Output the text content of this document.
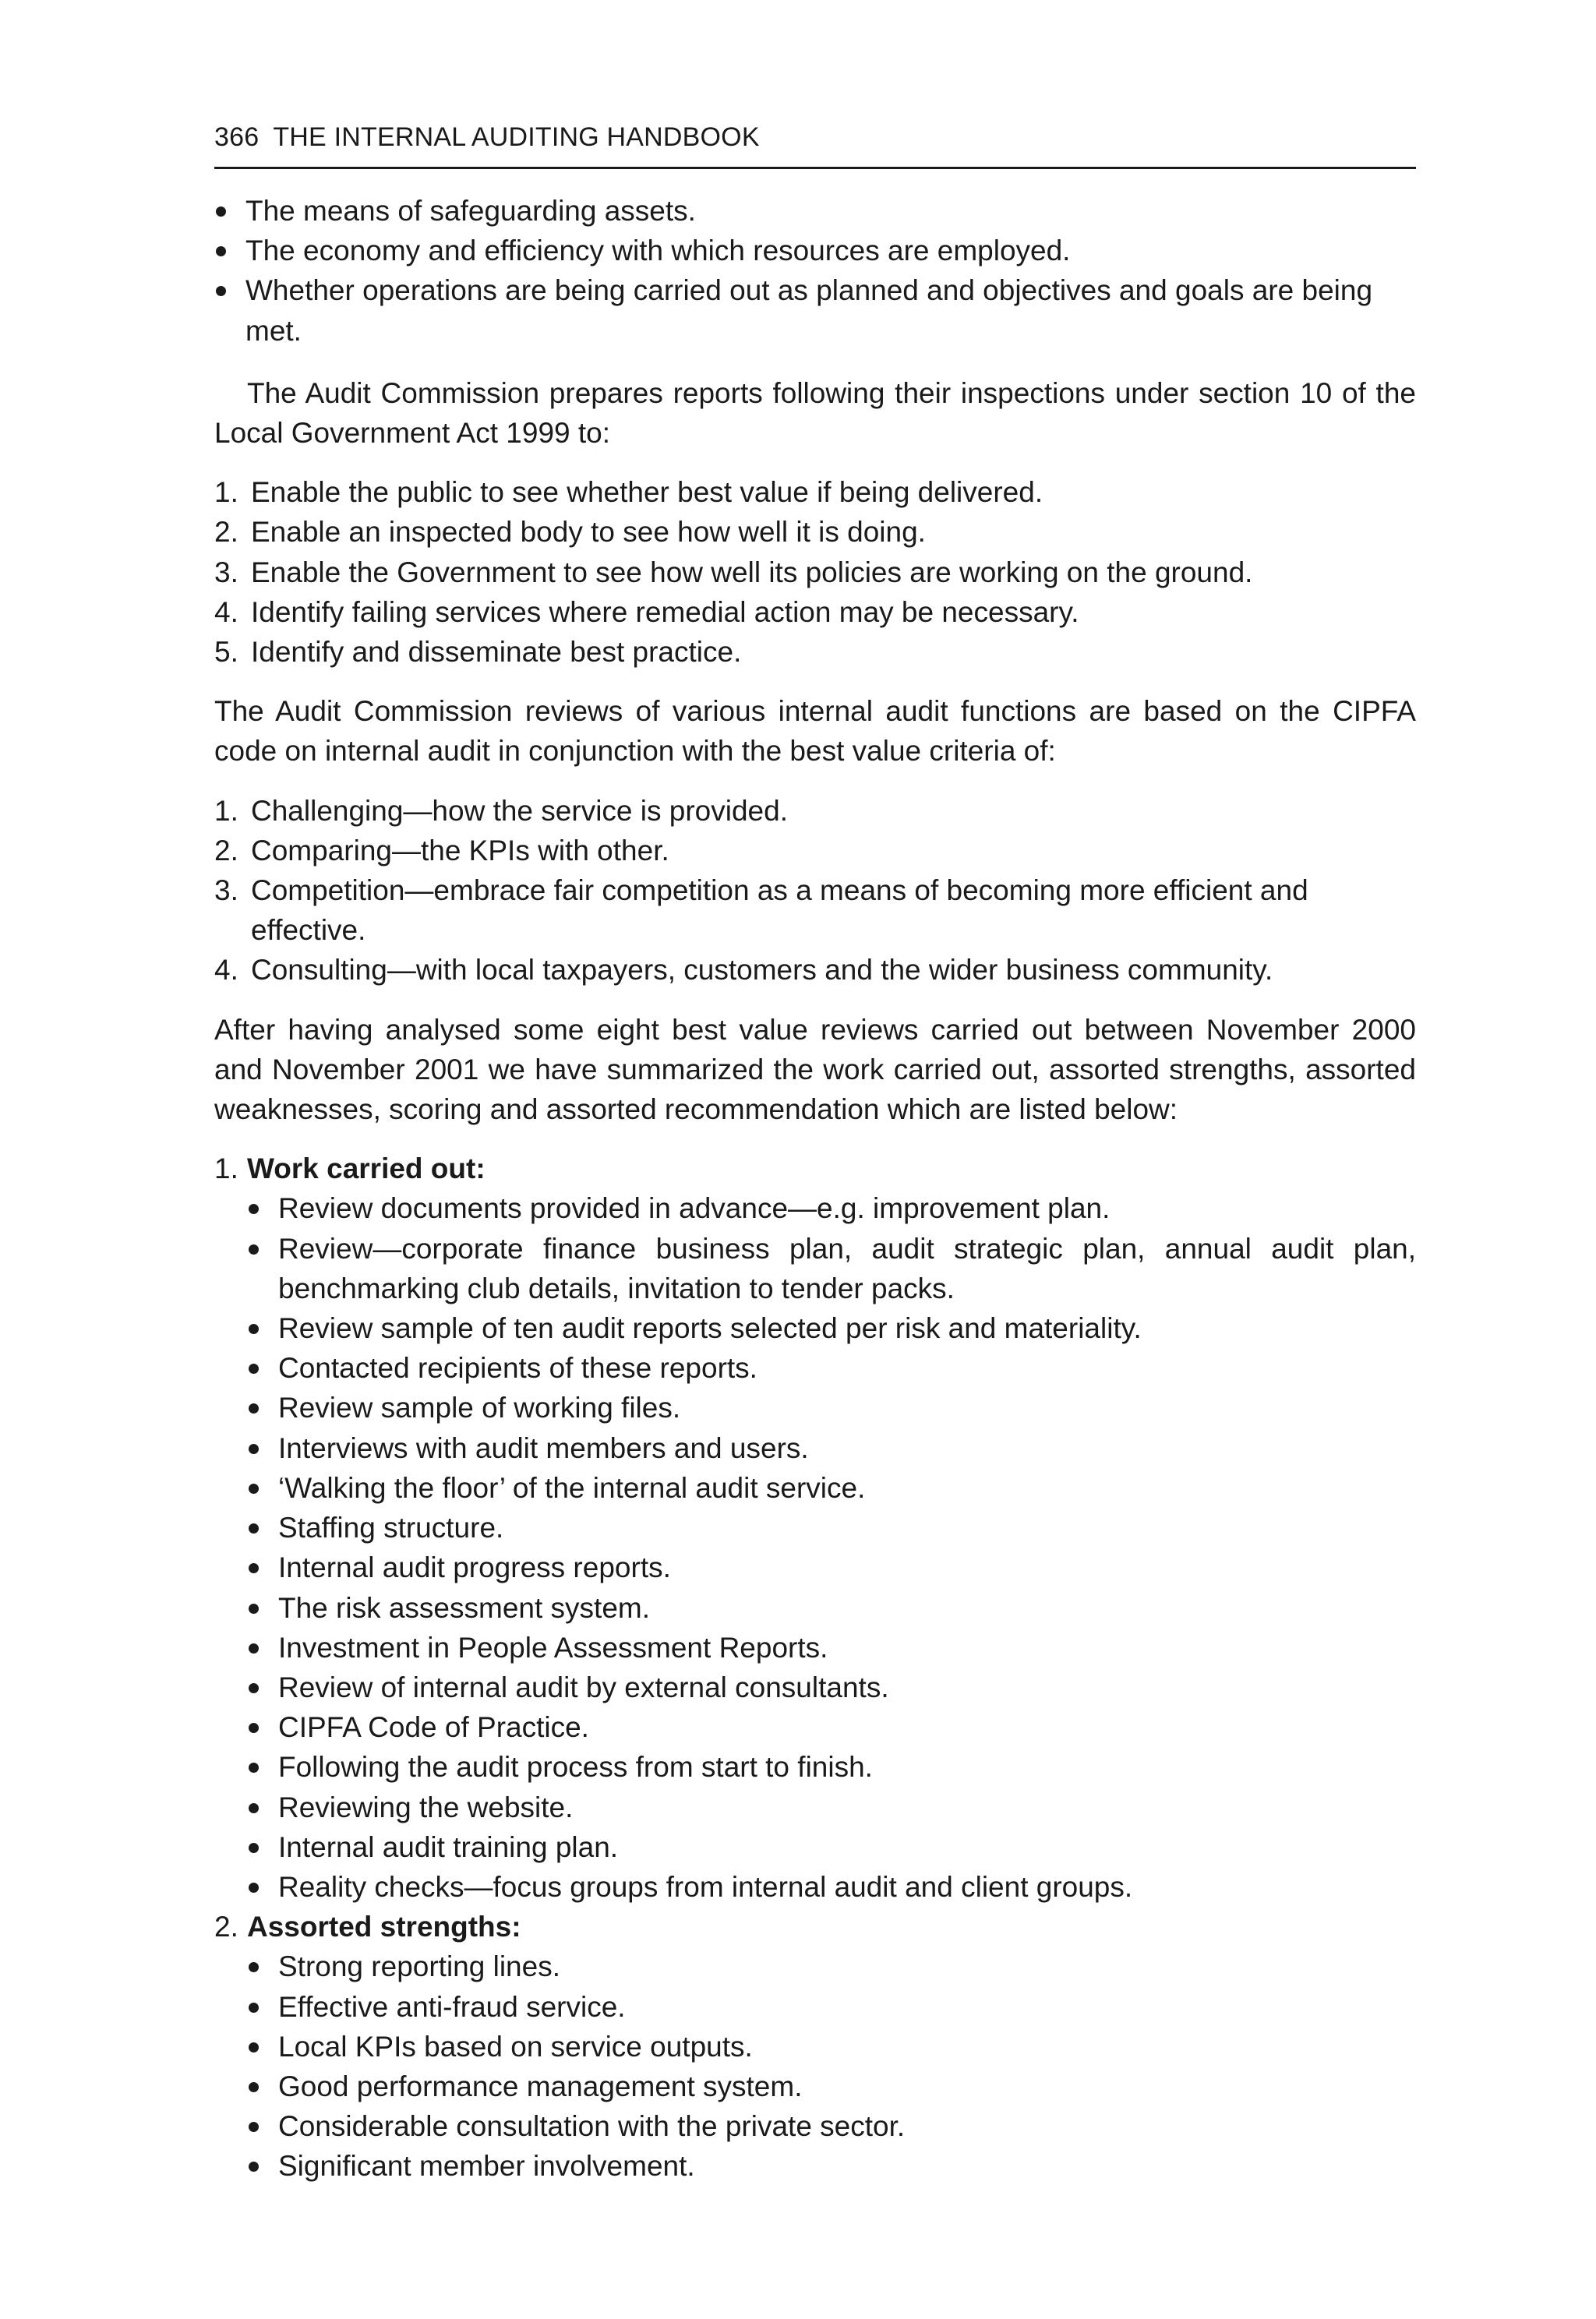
366 THE INTERNAL AUDITING HANDBOOK
The means of safeguarding assets.
The economy and efficiency with which resources are employed.
Whether operations are being carried out as planned and objectives and goals are being met.

The Audit Commission prepares reports following their inspections under section 10 of the Local Government Act 1999 to:

1. Enable the public to see whether best value if being delivered.
2. Enable an inspected body to see how well it is doing.
3. Enable the Government to see how well its policies are working on the ground.
4. Identify failing services where remedial action may be necessary.
5. Identify and disseminate best practice.

The Audit Commission reviews of various internal audit functions are based on the CIPFA code on internal audit in conjunction with the best value criteria of:

1. Challenging—how the service is provided.
2. Comparing—the KPIs with other.
3. Competition—embrace fair competition as a means of becoming more efficient and effective.
4. Consulting—with local taxpayers, customers and the wider business community.

After having analysed some eight best value reviews carried out between November 2000 and November 2001 we have summarized the work carried out, assorted strengths, assorted weaknesses, scoring and assorted recommendation which are listed below:

1. Work carried out:
Review documents provided in advance—e.g. improvement plan.
Review—corporate finance business plan, audit strategic plan, annual audit plan, benchmarking club details, invitation to tender packs.
Review sample of ten audit reports selected per risk and materiality.
Contacted recipients of these reports.
Review sample of working files.
Interviews with audit members and users.
‘Walking the floor’ of the internal audit service.
Staffing structure.
Internal audit progress reports.
The risk assessment system.
Investment in People Assessment Reports.
Review of internal audit by external consultants.
CIPFA Code of Practice.
Following the audit process from start to finish.
Reviewing the website.
Internal audit training plan.
Reality checks—focus groups from internal audit and client groups.
2. Assorted strengths:
Strong reporting lines.
Effective anti-fraud service.
Local KPIs based on service outputs.
Good performance management system.
Considerable consultation with the private sector.
Significant member involvement.
